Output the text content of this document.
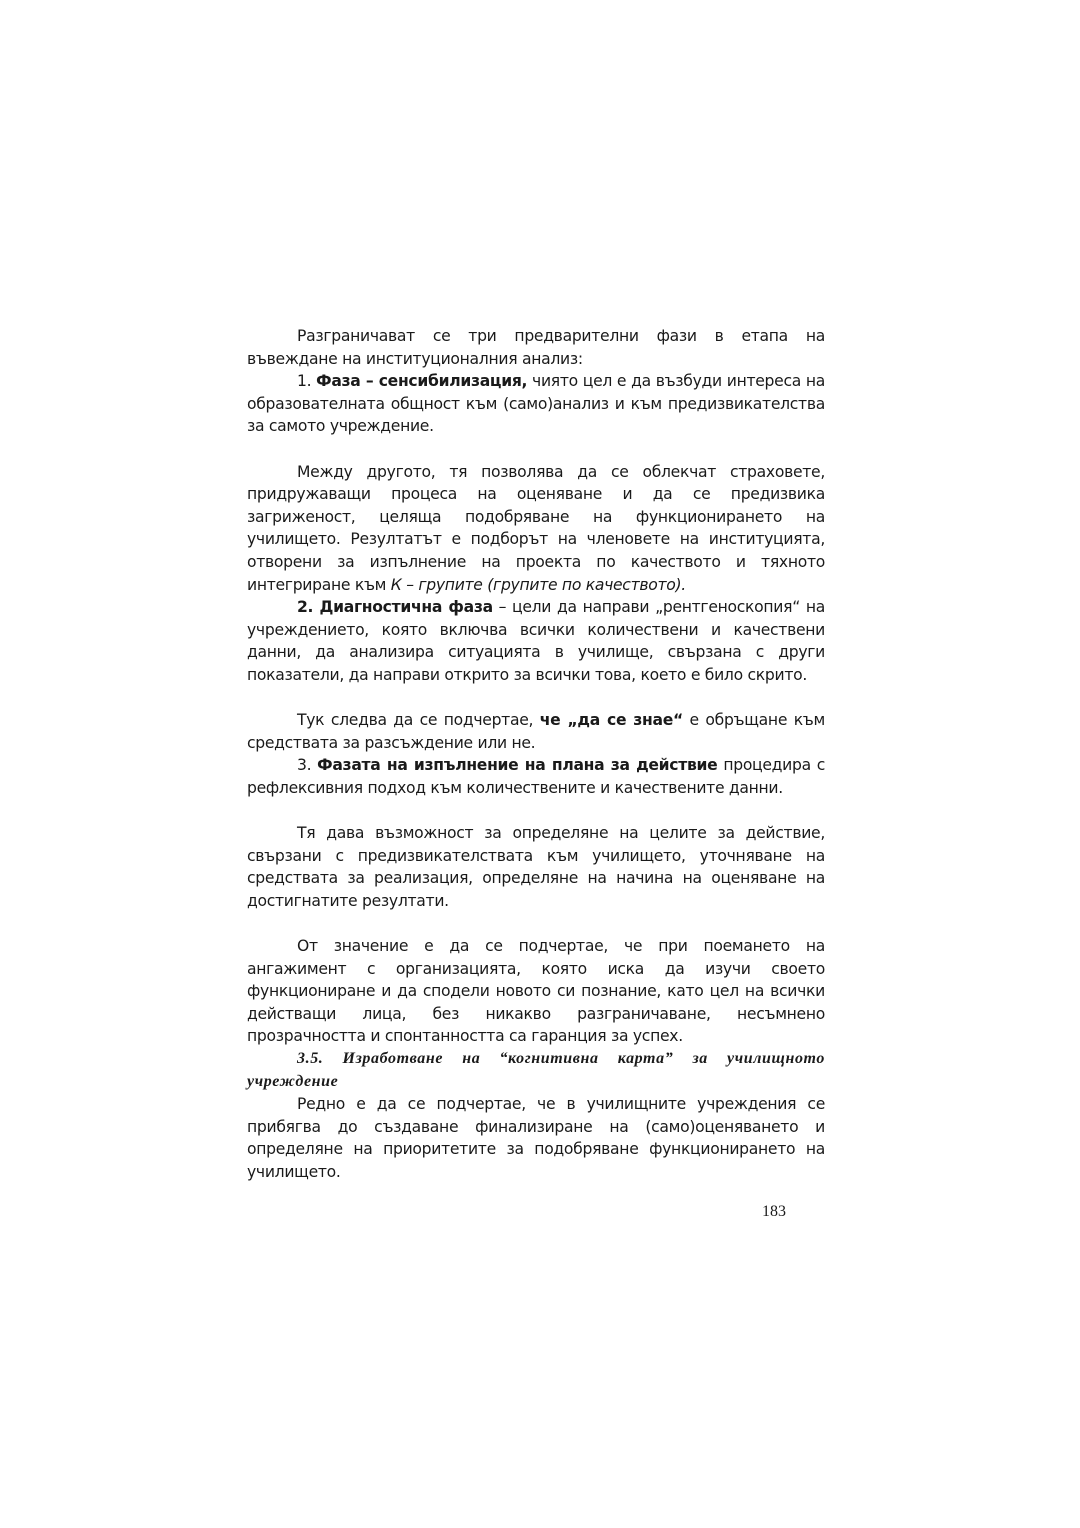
Разграничават се три предварителни фази в етапа на въвеждане на институционалния анализ:

1. Фаза – сенсибилизация, чиято цел е да възбуди интереса на образователната общност към (само)анализ и към предизвикателства за самото учреждение.

Между другото, тя позволява да се облекчат страховете, придружаващи процеса на оценяване и да се предизвика загриженост, целяща подобряване на функционирането на училището. Резултатът е подборът на членовете на институцията, отворени за изпълнение на проекта по качеството и тяхното интегриране към К – групите (групите по качеството).

2. Диагностична фаза – цели да направи „рентгеноскопия“ на учреждението, която включва всички количествени и качествени данни, да анализира ситуацията в училище, свързана с други показатели, да направи открито за всички това, което е било скрито.

Тук следва да се подчертае, че „да се знае“ е обръщане към средствата за разсъждение или не.

3. Фазата на изпълнение на плана за действие процедира с рефлексивния подход към количествените и качествените данни.

Тя дава възможност за определяне на целите за действие, свързани с предизвикателствата към училището, уточняване на средствата за реализация, определяне на начина на оценяване на достигнатите резултати.

От значение е да се подчертае, че при поемането на ангажимент с организацията, която иска да изучи своето функциониране и да сподели новото си познание, като цел на всички действащи лица, без никакво разграничаване, несъмнено прозрачността и спонтанността са гаранция за успех.

3.5. Изработване на “когнитивна карта” за училищното учреждение

Редно е да се подчертае, че в училищните учреждения се прибягва до създаване финализиране на (само)оценяването и определяне на приоритетите за подобряване функционирането на училището.

183
